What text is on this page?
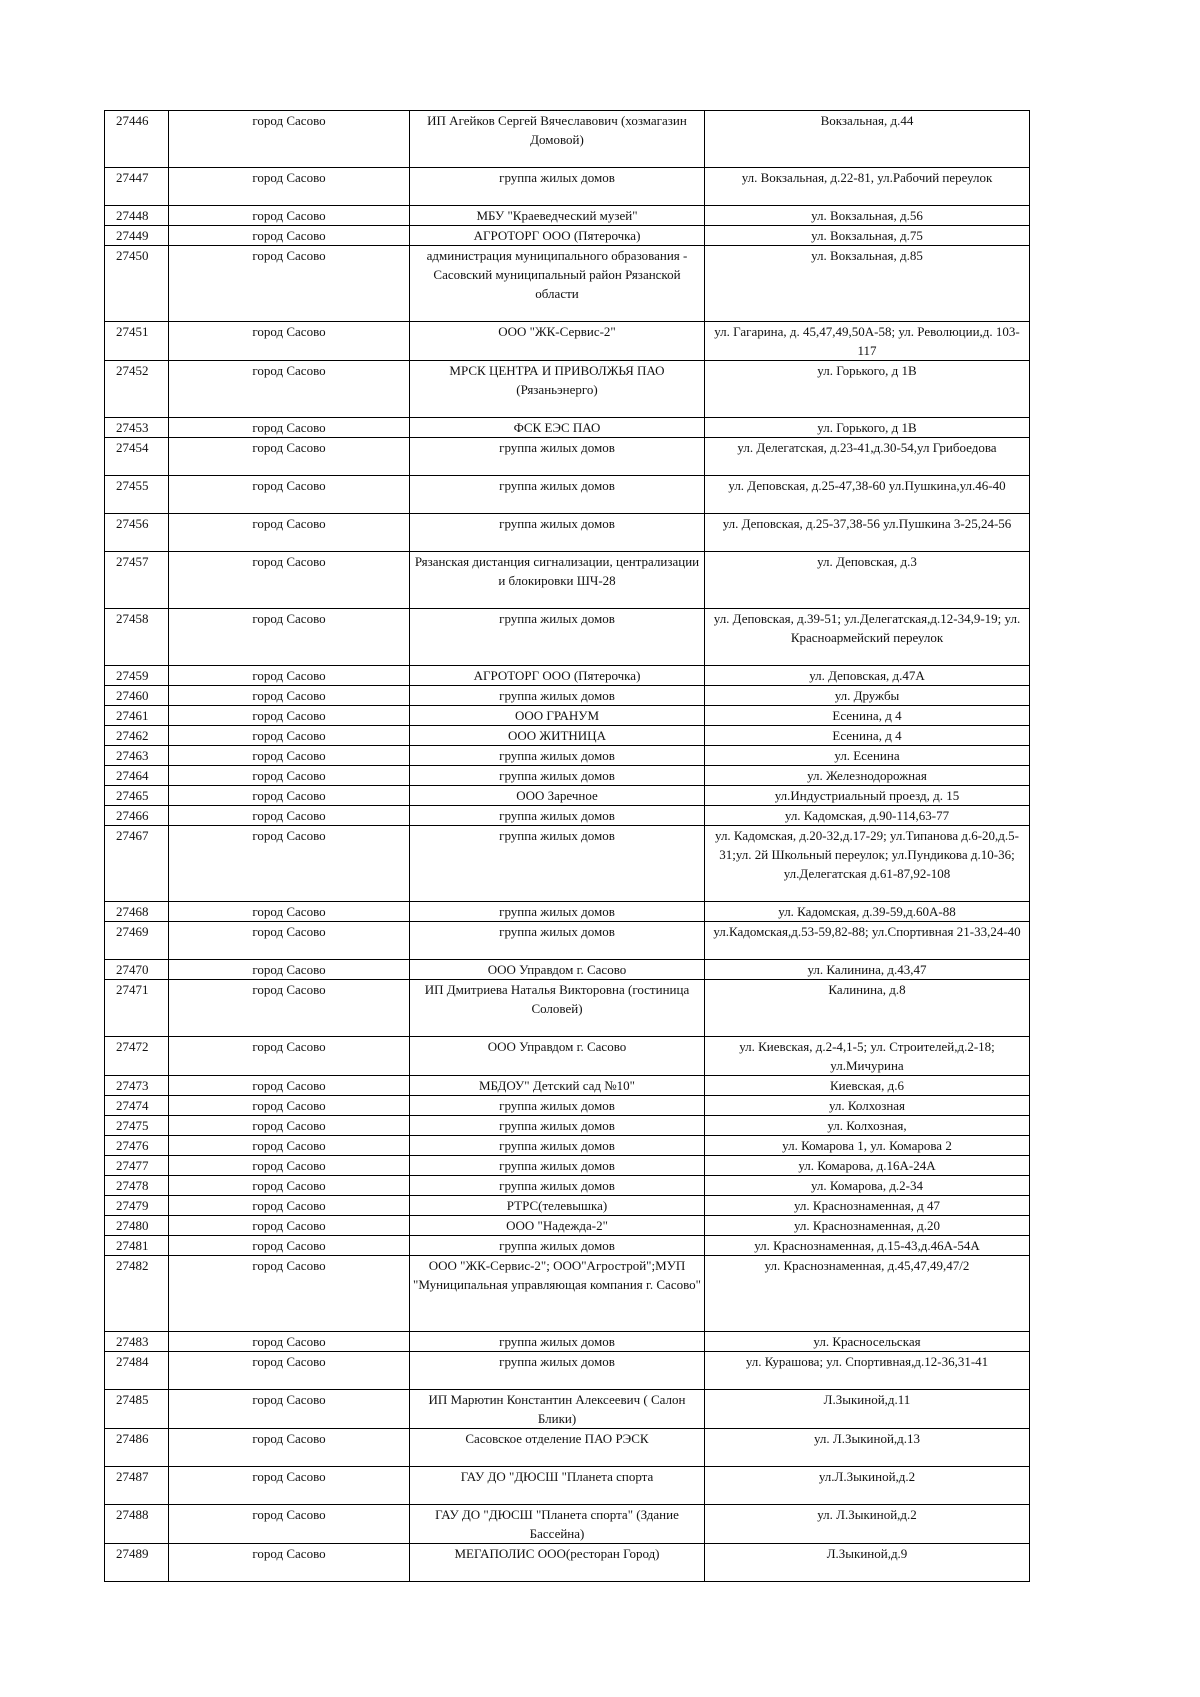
27446	город Сасово	ИП Агейков Сергей Вячеславович (хозмагазин Домовой)	Вокзальная, д.44
27447	город Сасово	группа жилых домов	ул. Вокзальная, д.22-81, ул.Рабочий переулок
27448	город Сасово	МБУ "Краеведческий музей"	ул. Вокзальная, д.56
27449	город Сасово	АГРОТОРГ ООО (Пятерочка)	ул. Вокзальная, д.75
27450	город Сасово	администрация муниципального образования - Сасовский муниципальный район Рязанской области	ул. Вокзальная, д.85
27451	город Сасово	ООО "ЖК-Сервис-2"	ул. Гагарина, д. 45,47,49,50А-58; ул. Революции,д. 103-117
27452	город Сасово	МРСК ЦЕНТРА И ПРИВОЛЖЬЯ ПАО (Рязаньэнерго)	ул. Горького, д 1В
27453	город Сасово	ФСК ЕЭС ПАО	ул. Горького, д 1В
27454	город Сасово	группа жилых домов	ул. Делегатская, д.23-41,д.30-54,ул Грибоедова
27455	город Сасово	группа жилых домов	ул. Деповская, д.25-47,38-60 ул.Пушкина,ул.46-40
27456	город Сасово	группа жилых домов	ул. Деповская, д.25-37,38-56 ул.Пушкина 3-25,24-56
27457	город Сасово	Рязанская дистанция сигнализации, централизации и блокировки ШЧ-28	ул. Деповская, д.3
27458	город Сасово	группа жилых домов	ул. Деповская, д.39-51; ул.Делегатская,д.12-34,9-19; ул. Красноармейский переулок
27459	город Сасово	АГРОТОРГ ООО (Пятерочка)	ул. Деповская, д.47А
27460	город Сасово	группа жилых домов	ул. Дружбы
27461	город Сасово	ООО ГРАНУМ	Есенина, д 4
27462	город Сасово	ООО ЖИТНИЦА	Есенина, д 4
27463	город Сасово	группа жилых домов	ул. Есенина
27464	город Сасово	группа жилых домов	ул. Железнодорожная
27465	город Сасово	ООО Заречное	ул.Индустриальный проезд, д. 15
27466	город Сасово	группа жилых домов	ул. Кадомская, д.90-114,63-77
27467	город Сасово	группа жилых домов	ул. Кадомская, д.20-32,д.17-29; ул.Типанова д.6-20,д.5-31;ул. 2й Школьный переулок; ул.Пундикова д.10-36; ул.Делегатская д.61-87,92-108
27468	город Сасово	группа жилых домов	ул. Кадомская, д.39-59,д.60А-88
27469	город Сасово	группа жилых домов	ул.Кадомская,д.53-59,82-88; ул.Спортивная 21-33,24-40
27470	город Сасово	ООО Управдом г. Сасово	ул. Калинина, д.43,47
27471	город Сасово	ИП Дмитриева Наталья Викторовна (гостиница Соловей)	Калинина, д.8
27472	город Сасово	ООО Управдом г. Сасово	ул. Киевская, д.2-4,1-5; ул. Строителей,д.2-18; ул.Мичурина
27473	город Сасово	МБДОУ" Детский сад №10"	Киевская, д.6
27474	город Сасово	группа жилых домов	ул. Колхозная
27475	город Сасово	группа жилых домов	ул. Колхозная,
27476	город Сасово	группа жилых домов	ул. Комарова 1, ул. Комарова 2
27477	город Сасово	группа жилых домов	ул. Комарова, д.16А-24А
27478	город Сасово	группа жилых домов	ул. Комарова, д.2-34
27479	город Сасово	РТРС(телевышка)	ул. Краснознаменная, д 47
27480	город Сасово	ООО "Надежда-2"	ул. Краснознаменная, д.20
27481	город Сасово	группа жилых домов	ул. Краснознаменная, д.15-43,д.46А-54А
27482	город Сасово	ООО "ЖК-Сервис-2"; ООО"Агрострой";МУП "Муниципальная управляющая компания г. Сасово"	ул. Краснознаменная, д.45,47,49,47/2
27483	город Сасово	группа жилых домов	ул. Красносельская
27484	город Сасово	группа жилых домов	ул. Курашова; ул. Спортивная,д.12-36,31-41
27485	город Сасово	ИП Марютин Константин Алексеевич ( Салон Блики)	Л.Зыкиной,д.11
27486	город Сасово	Сасовское отделение ПАО РЭСК	ул. Л.Зыкиной,д.13
27487	город Сасово	ГАУ ДО "ДЮСШ "Планета спорта	ул.Л.Зыкиной,д.2
27488	город Сасово	ГАУ ДО "ДЮСШ "Планета спорта" (Здание Бассейна)	ул. Л.Зыкиной,д.2
27489	город Сасово	МЕГАПОЛИС ООО(ресторан Город)	Л.Зыкиной,д.9
